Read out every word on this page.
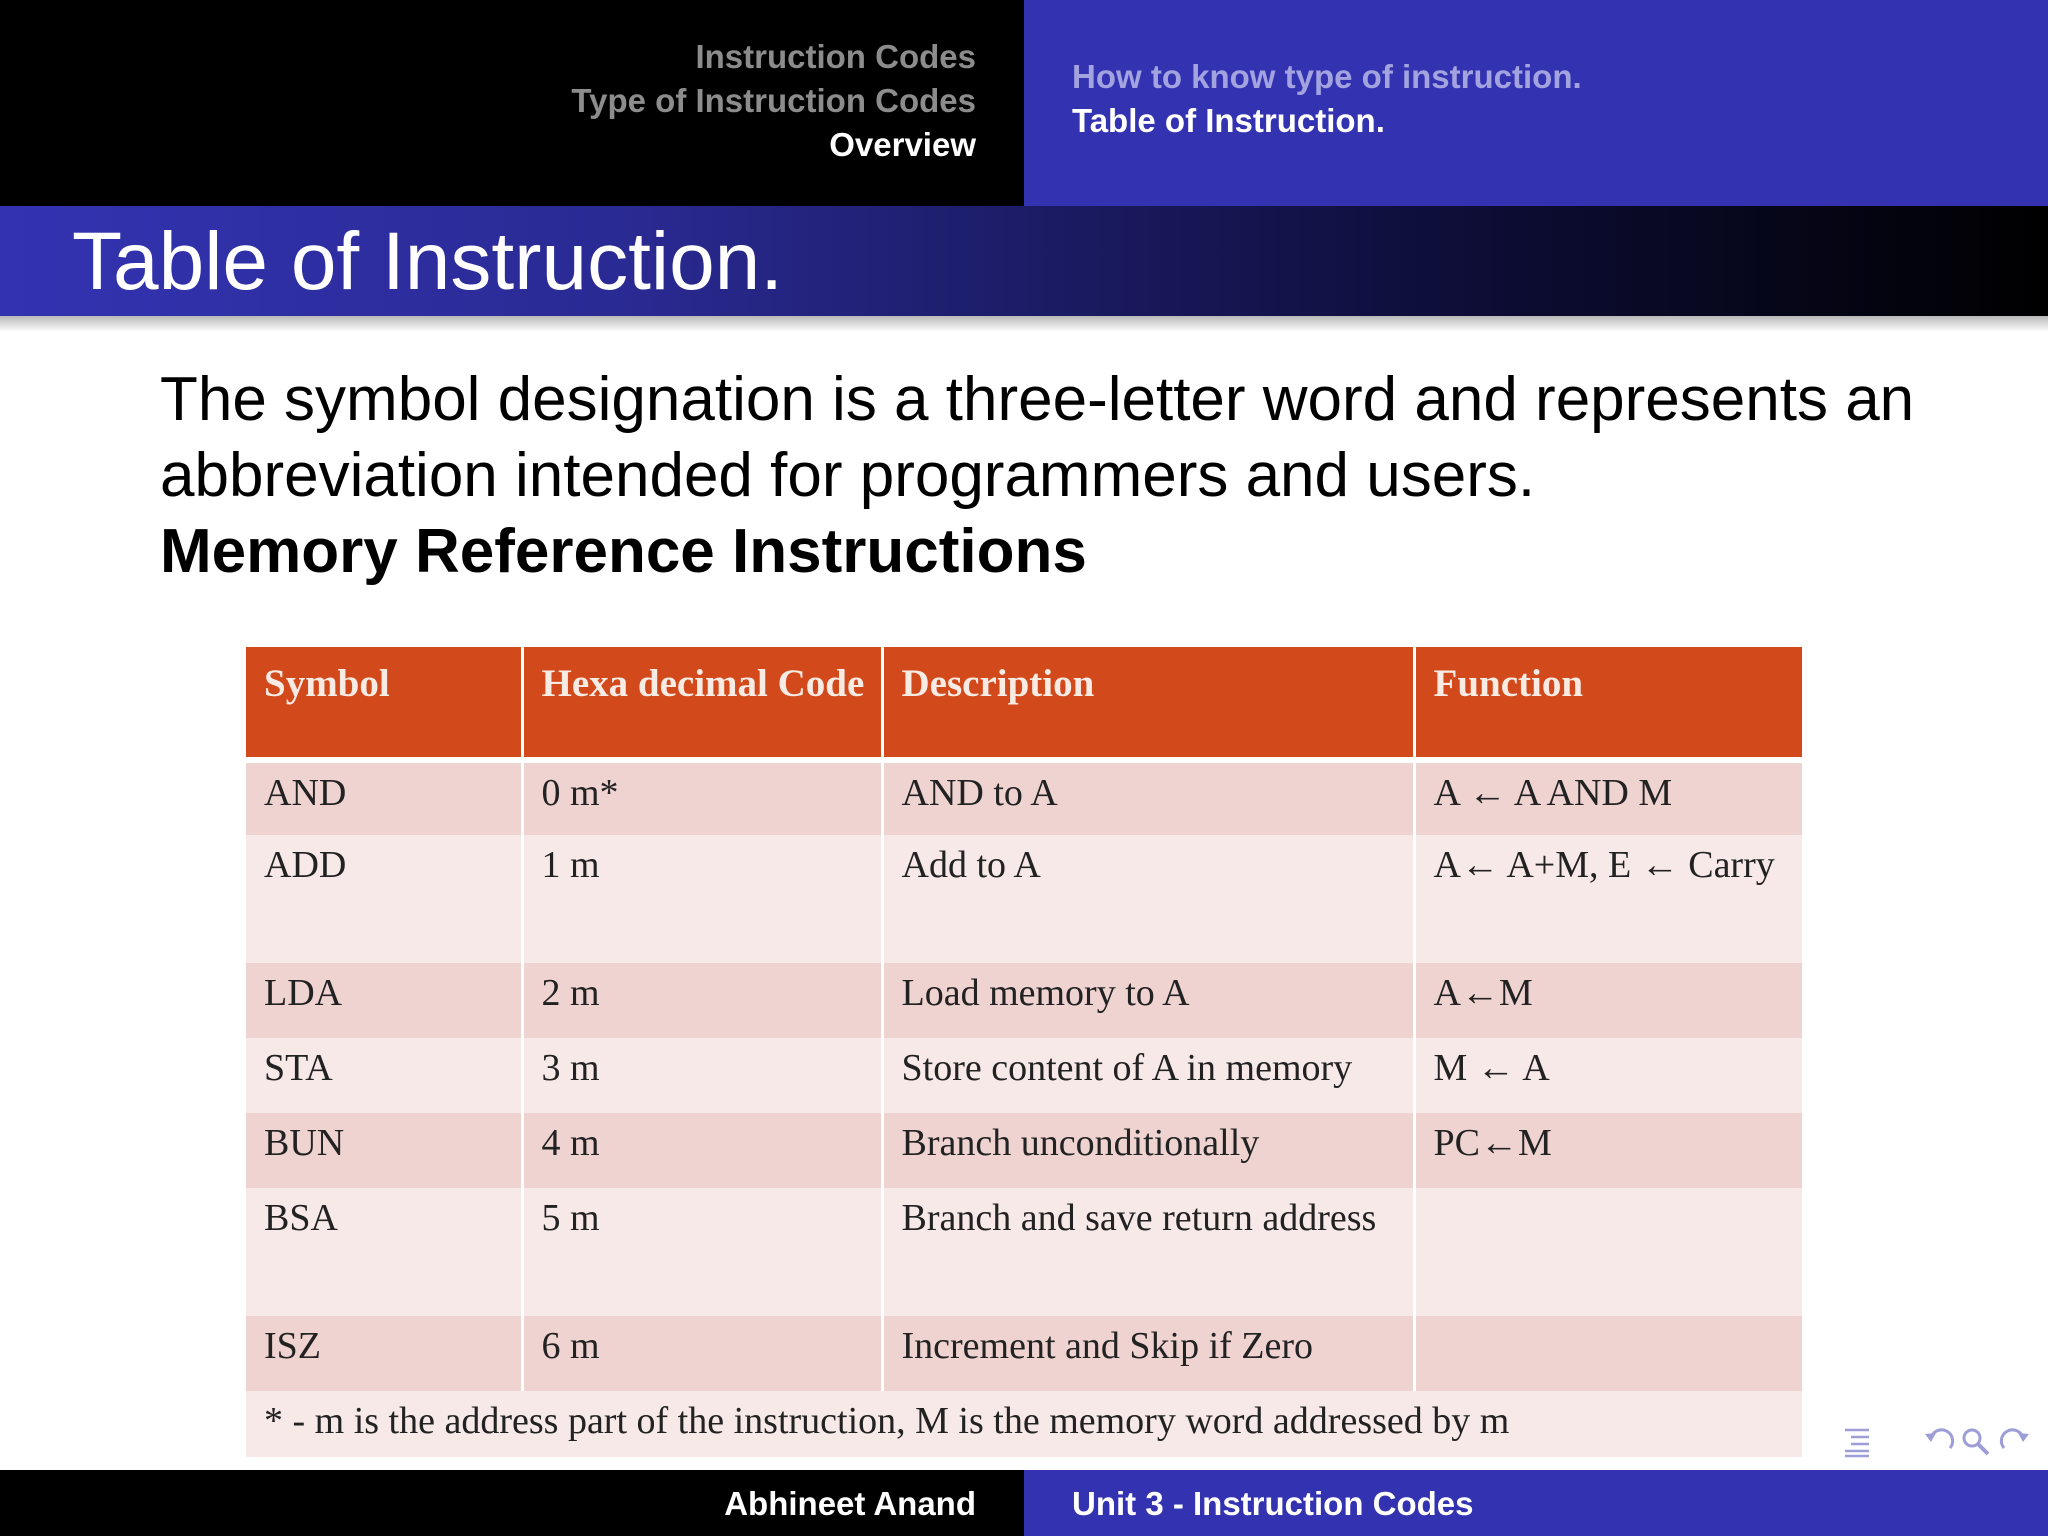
Instruction Codes
Type of Instruction Codes
Overview
How to know type of instruction.
Table of Instruction.
Table of Instruction.
The symbol designation is a three-letter word and represents an abbreviation intended for programmers and users.
Memory Reference Instructions
Symbol	Hexa decimal Code	Description	Function
AND	0 m*	AND to A	A ← A AND M
ADD	1 m	Add to A	A← A+M, E ← Carry
LDA	2 m	Load memory to A	A←M
STA	3 m	Store content of A in memory	M ← A
BUN	4 m	Branch unconditionally	PC←M
BSA	5 m	Branch and save return address	
ISZ	6 m	Increment and Skip if Zero	
* - m is the address part of the instruction, M is the memory word addressed by m			
Abhineet Anand	Unit 3 - Instruction Codes
